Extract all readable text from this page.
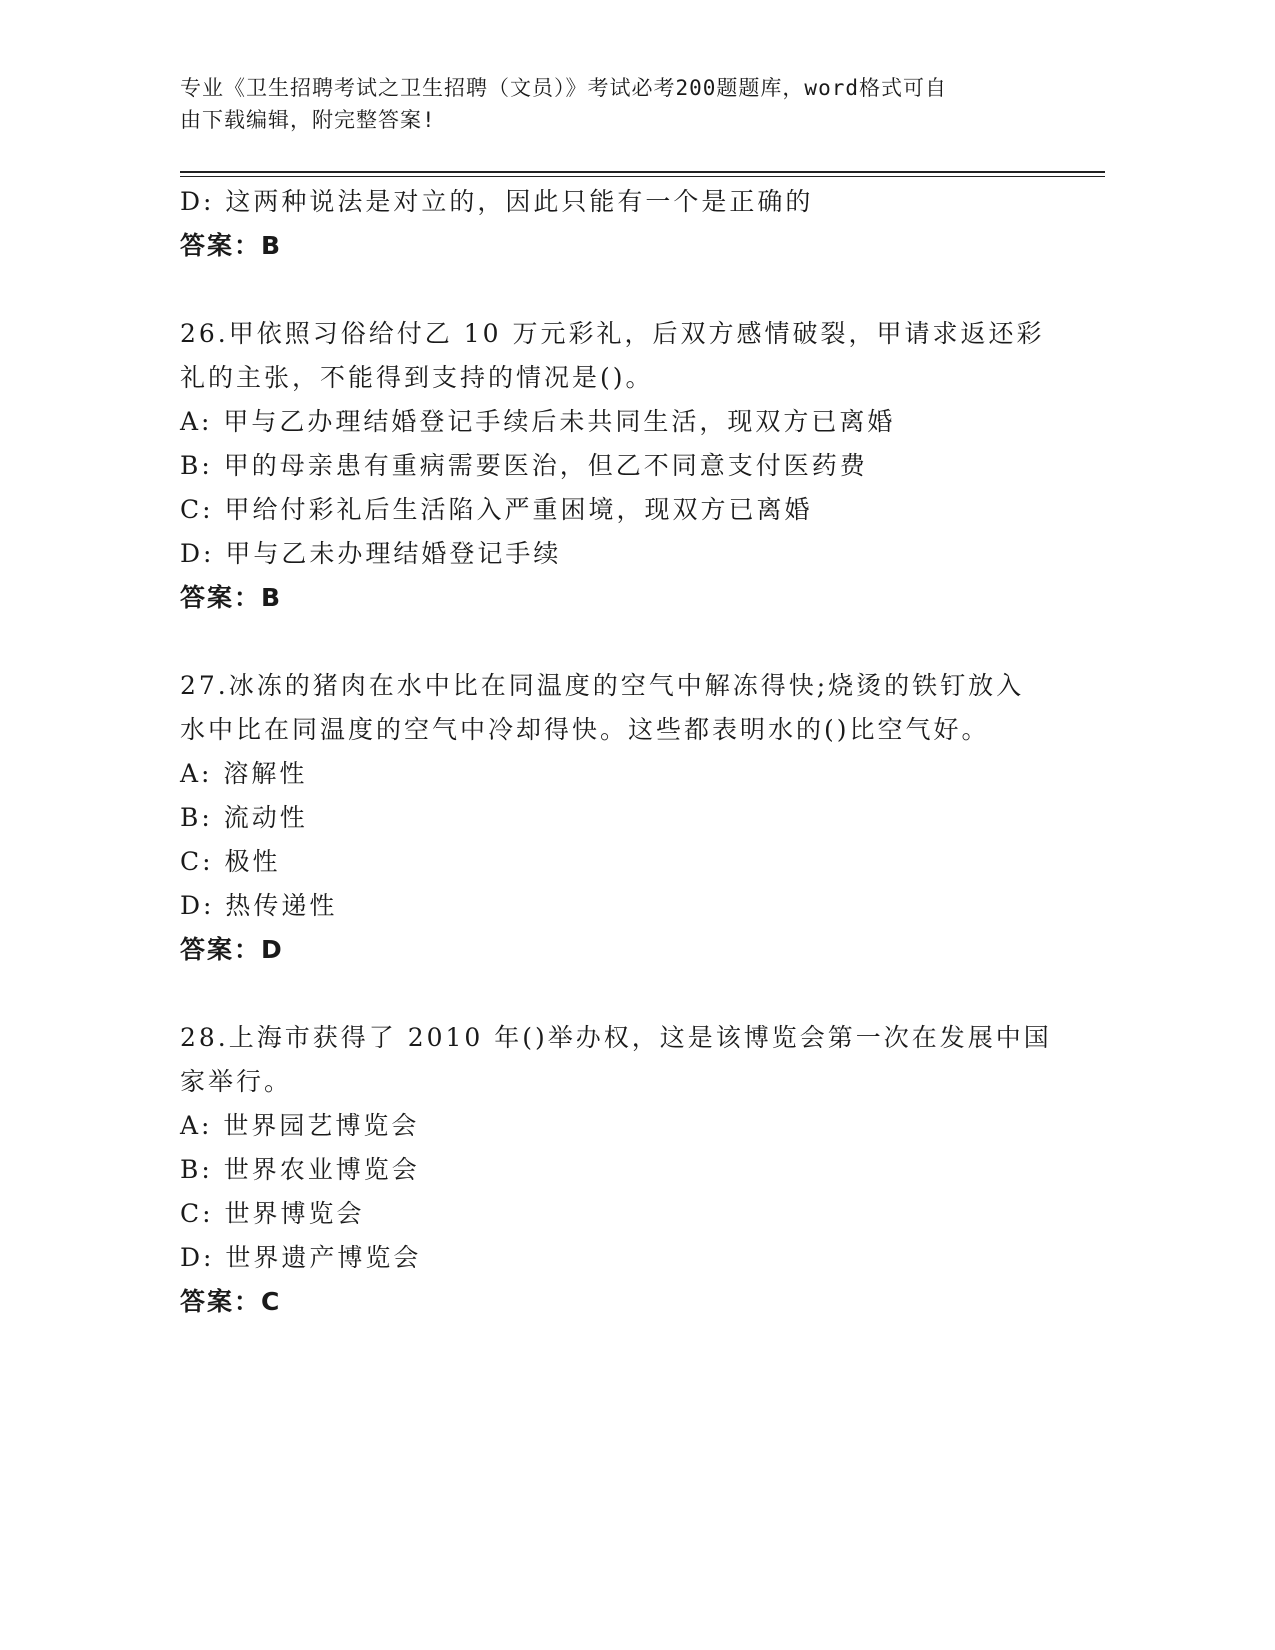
专业《卫生招聘考试之卫生招聘（文员）》考试必考200题题库，word格式可自
由下载编辑，附完整答案!
D: 这两种说法是对立的，因此只能有一个是正确的
答案：B
26.甲依照习俗给付乙 10 万元彩礼，后双方感情破裂，甲请求返还彩
礼的主张，不能得到支持的情况是()。
A: 甲与乙办理结婚登记手续后未共同生活，现双方已离婚
B: 甲的母亲患有重病需要医治，但乙不同意支付医药费
C: 甲给付彩礼后生活陷入严重困境，现双方已离婚
D: 甲与乙未办理结婚登记手续
答案：B
27.冰冻的猪肉在水中比在同温度的空气中解冻得快;烧烫的铁钉放入
水中比在同温度的空气中冷却得快。这些都表明水的()比空气好。
A: 溶解性
B: 流动性
C: 极性
D: 热传递性
答案：D
28.上海市获得了 2010 年()举办权，这是该博览会第一次在发展中国
家举行。
A: 世界园艺博览会
B: 世界农业博览会
C: 世界博览会
D: 世界遗产博览会
答案：C
